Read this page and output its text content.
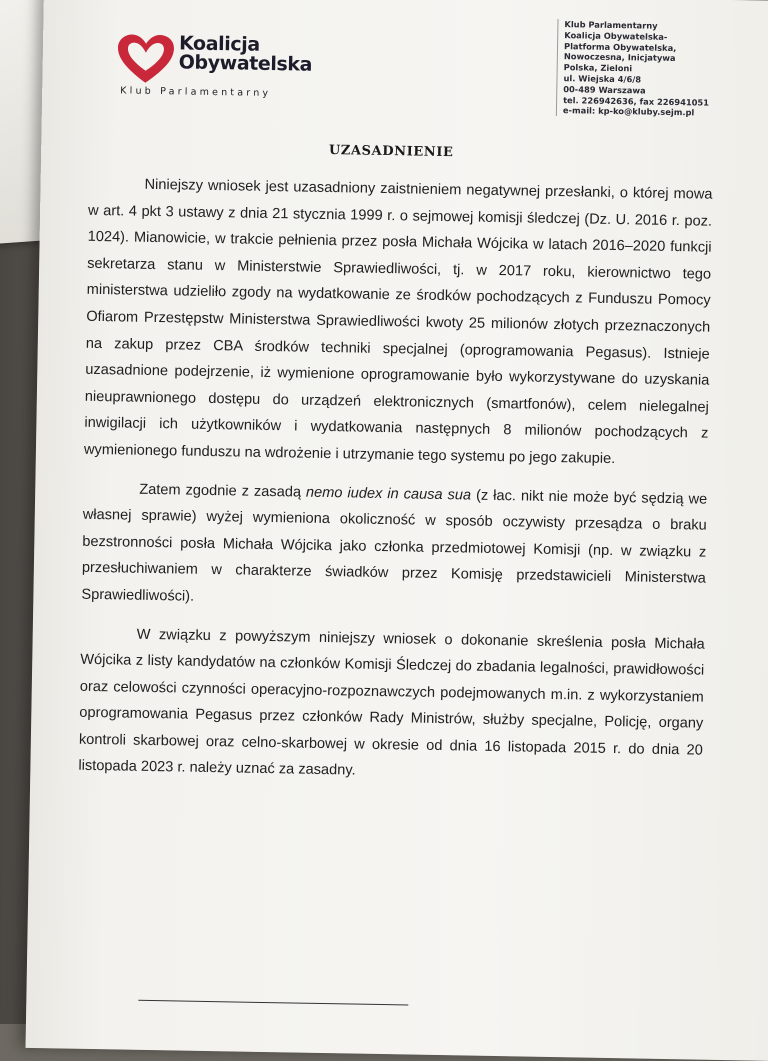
Koalicja
Obywatelska
Klub Parlamentarny
Klub Parlamentarny
Koalicja Obywatelska-
Platforma Obywatelska,
Nowoczesna, Inicjatywa
Polska, Zieloni
ul. Wiejska 4/6/8
00-489 Warszawa
tel. 226942636, fax 226941051
e-mail: kp-ko@kluby.sejm.pl
UZASADNIENIE

Niniejszy wniosek jest uzasadniony zaistnieniem negatywnej przesłanki, o której mowa w art. 4 pkt 3 ustawy z dnia 21 stycznia 1999 r. o sejmowej komisji śledczej (Dz. U. 2016 r. poz. 1024). Mianowicie, w trakcie pełnienia przez posła Michała Wójcika w latach 2016–2020 funkcji sekretarza stanu w Ministerstwie Sprawiedliwości, tj. w 2017 roku, kierownictwo tego ministerstwa udzieliło zgody na wydatkowanie ze środków pochodzących z Funduszu Pomocy Ofiarom Przestępstw Ministerstwa Sprawiedliwości kwoty 25 milionów złotych przeznaczonych na zakup przez CBA środków techniki specjalnej (oprogramowania Pegasus). Istnieje uzasadnione podejrzenie, iż wymienione oprogramowanie było wykorzystywane do uzyskania nieuprawnionego dostępu do urządzeń elektronicznych (smartfonów), celem nielegalnej inwigilacji ich użytkowników i wydatkowania następnych 8 milionów pochodzących z wymienionego funduszu na wdrożenie i utrzymanie tego systemu po jego zakupie.

Zatem zgodnie z zasadą nemo iudex in causa sua (z łac. nikt nie może być sędzią we własnej sprawie) wyżej wymieniona okoliczność w sposób oczywisty przesądza o braku bezstronności posła Michała Wójcika jako członka przedmiotowej Komisji (np. w związku z przesłuchiwaniem w charakterze świadków przez Komisję przedstawicieli Ministerstwa Sprawiedliwości).

W związku z powyższym niniejszy wniosek o dokonanie skreślenia posła Michała Wójcika z listy kandydatów na członków Komisji Śledczej do zbadania legalności, prawidłowości oraz celowości czynności operacyjno-rozpoznawczych podejmowanych m.in. z wykorzystaniem oprogramowania Pegasus przez członków Rady Ministrów, służby specjalne, Policję, organy kontroli skarbowej oraz celno-skarbowej w okresie od dnia 16 listopada 2015 r. do dnia 20 listopada 2023 r. należy uznać za zasadny.
